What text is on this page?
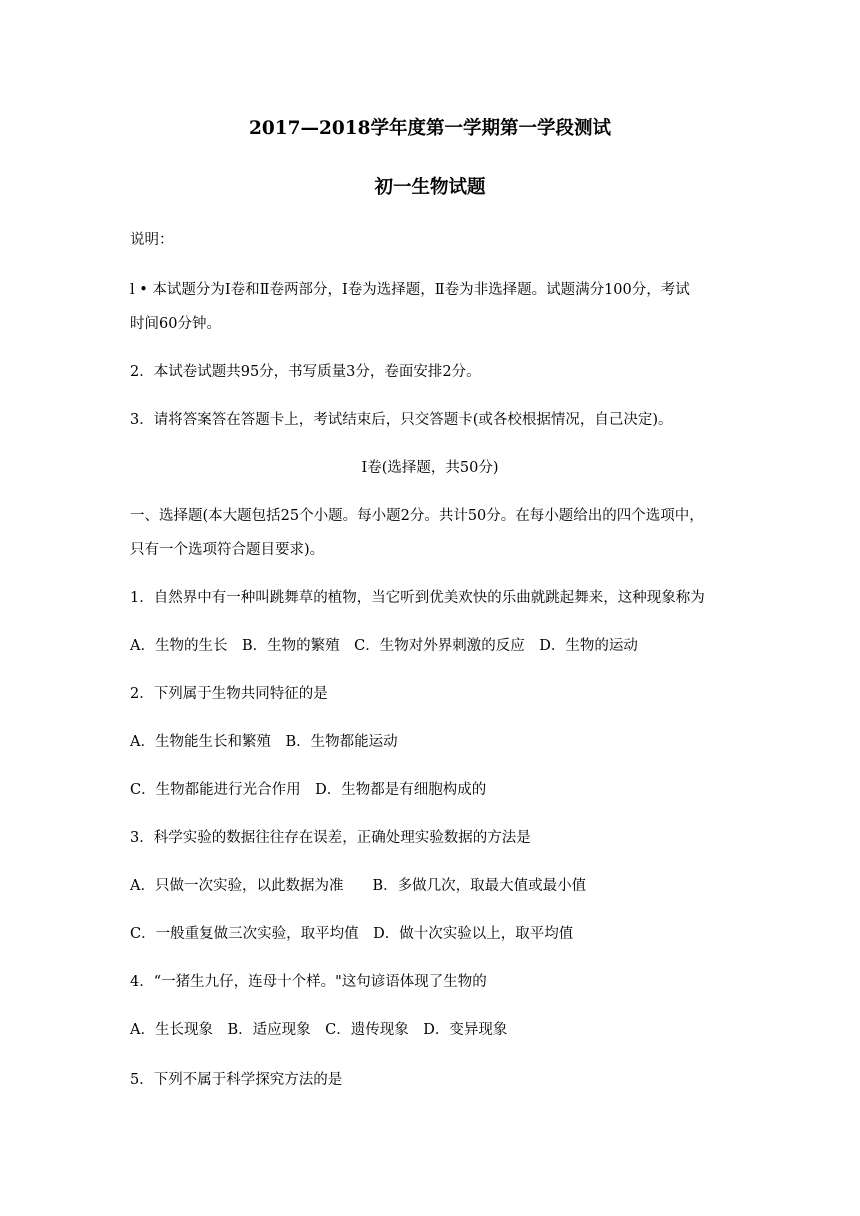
2017—2018学年度第一学期第一学段测试
初一生物试题
说明：
l • 本试题分为Ⅰ卷和Ⅱ卷两部分，Ⅰ卷为选择题，Ⅱ卷为非选择题。试题满分100分，考试
时间60分钟。
2．本试卷试题共95分，书写质量3分，卷面安排2分。
3．请将答案答在答题卡上，考试结束后，只交答题卡(或各校根据情况，自己决定)。
Ⅰ卷(选择题，共50分)
一、选择题(本大题包括25个小题。每小题2分。共计50分。在每小题给出的四个选项中，
只有一个选项符合题目要求)。
1．自然界中有一种叫跳舞草的植物，当它听到优美欢快的乐曲就跳起舞来，这种现象称为
A．生物的生长　B．生物的繁殖　C．生物对外界刺激的反应　D．生物的运动
2．下列属于生物共同特征的是
A．生物能生长和繁殖　B．生物都能运动
C．生物都能进行光合作用　D．生物都是有细胞构成的
3．科学实验的数据往往存在误差，正确处理实验数据的方法是
A．只做一次实验，以此数据为准　　B．多做几次，取最大值或最小值
C．一般重复做三次实验，取平均值　D．做十次实验以上，取平均值
4．“一猪生九仔，连母十个样。"这句谚语体现了生物的
A．生长现象　B．适应现象　C．遗传现象　D．变异现象
5．下列不属于科学探究方法的是
